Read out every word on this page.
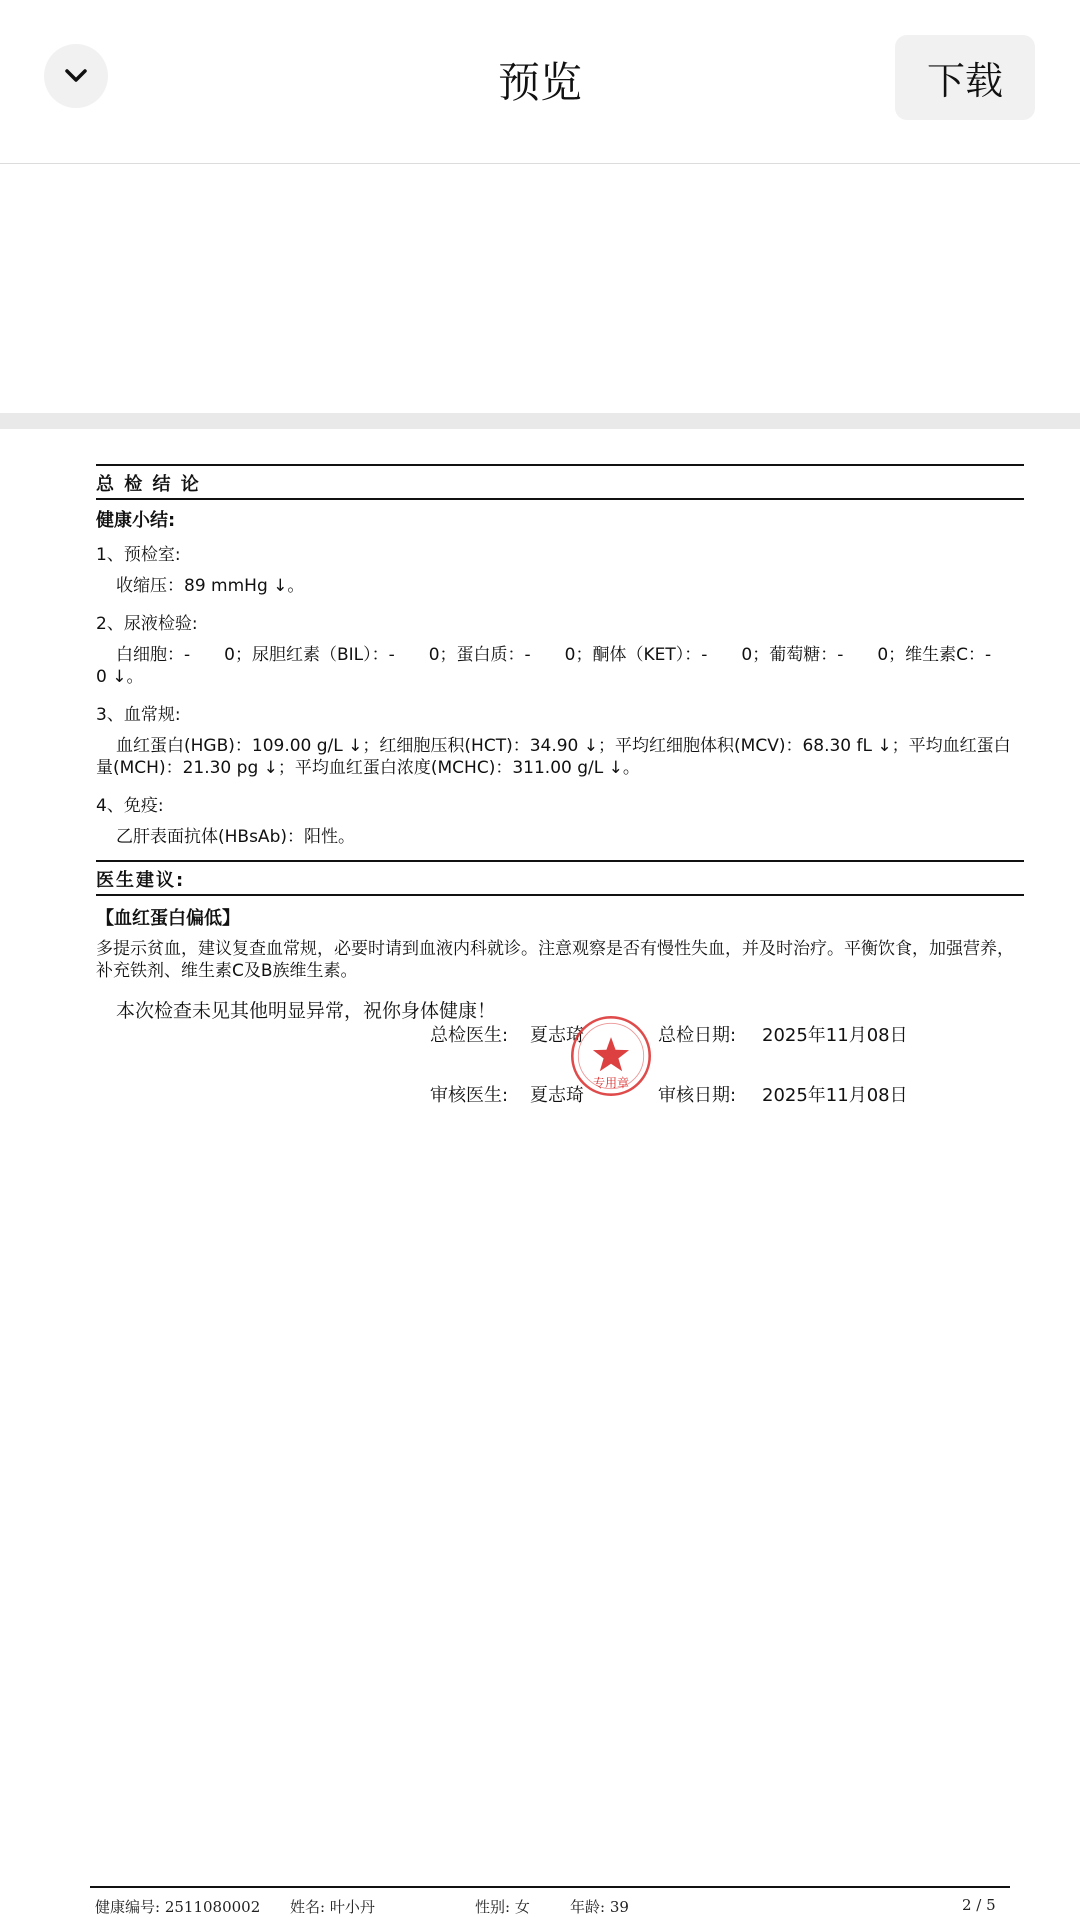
预览	下载
总 检 结 论
健康小结:
1、预检室:
收缩压：89 mmHg ↓。
2、尿液检验:
白细胞：-　　0；尿胆红素（BIL）：-　　0；蛋白质：-　　0；酮体（KET）：-　　0；葡萄糖：-　　0；维生素C：-　　0 ↓。
3、血常规:
血红蛋白(HGB)：109.00 g/L ↓；红细胞压积(HCT)：34.90 ↓；平均红细胞体积(MCV)：68.30 fL ↓；平均血红蛋白量(MCH)：21.30 pg ↓；平均血红蛋白浓度(MCHC)：311.00 g/L ↓。
4、免疫:
乙肝表面抗体(HBsAb)：阳性。
医生建议:
【血红蛋白偏低】
多提示贫血，建议复查血常规，必要时请到血液内科就诊。注意观察是否有慢性失血，并及时治疗。平衡饮食，加强营养，补充铁剂、维生素C及B族维生素。
本次检查未见其他明显异常，祝你身体健康！
总检医生: 夏志琦	总检日期: 2025年11月08日
审核医生: 夏志琦	审核日期: 2025年11月08日
专用章
健康编号: 2511080002 姓名: 叶小丹	性别: 女	年龄: 39	2 / 5
